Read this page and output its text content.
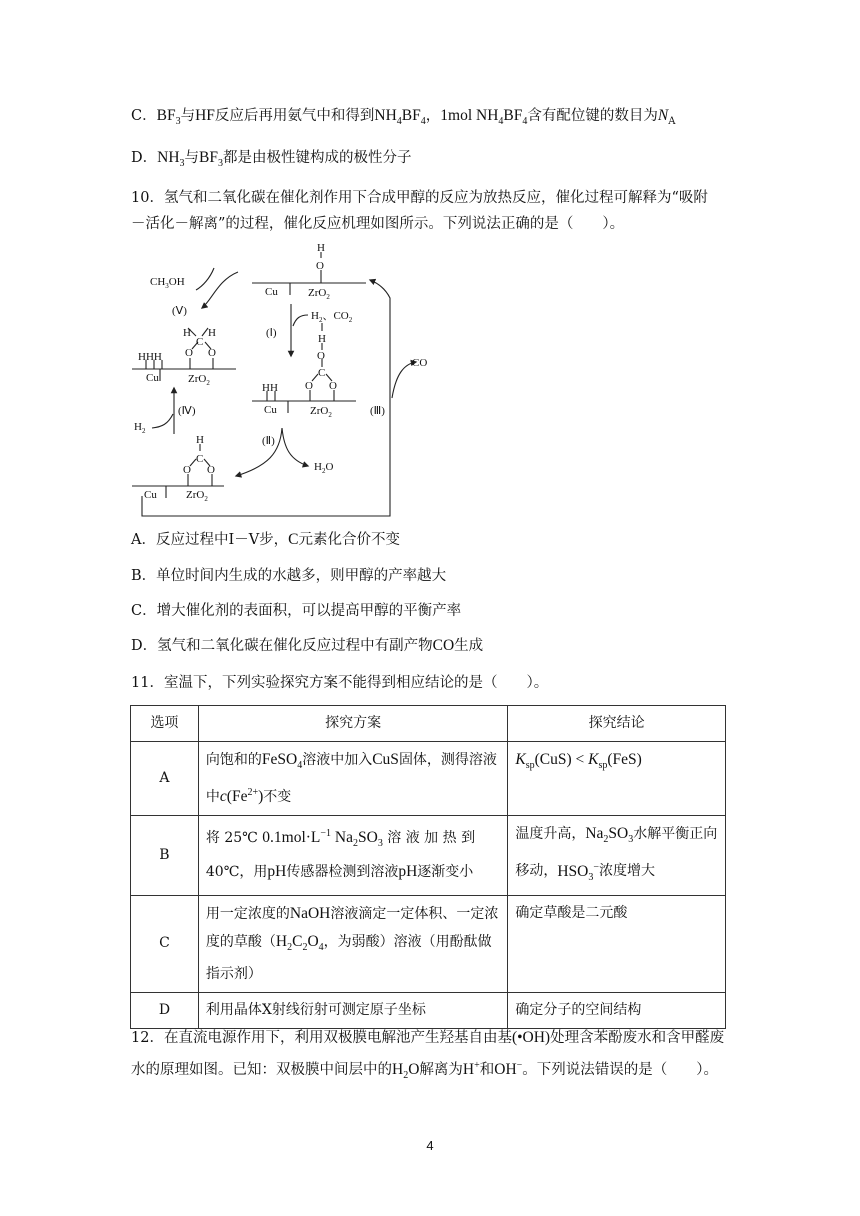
C．$BF_3$与HF反应后再用氨气中和得到$NH_4BF_4$，1mol $NH_4BF_4$含有配位键的数目为$N_A$
D．$NH_3$与$BF_3$都是由极性键构成的极性分子
10．氢气和二氧化碳在催化剂作用下合成甲醇的反应为放热反应，催化过程可解释为“吸附
－活化－解离”的过程，催化反应机理如图所示。下列说法正确的是（　　）。
H
O
Cu	ZrO$_2$
$CH_3OH$
(Ⅴ)
(Ⅰ)
$H_2$、$CO_2$
H H
C
O O
HHH
Cu	ZrO$_2$
H
O
C
O O
HH
Cu	ZrO$_2$
(Ⅱ)
$H_2O$
(Ⅲ)
CO
(Ⅳ)
$H_2$
H
C
O O
Cu	ZrO$_2$
A．反应过程中Ⅰ－Ⅴ步，C元素化合价不变
B．单位时间内生成的水越多，则甲醇的产率越大
C．增大催化剂的表面积，可以提高甲醇的平衡产率
D．氢气和二氧化碳在催化反应过程中有副产物CO生成
11．室温下，下列实验探究方案不能得到相应结论的是（　　）。
选项	探究方案	探究结论
A	向饱和的FeSO$_4$溶液中加入CuS固体，测得溶液中$c(Fe^{2+})$不变	$K_{sp}(CuS) < K_{sp}(FeS)$
B	将 25℃ $0.1mol\cdot L^{-1}$ $Na_2SO_3$ 溶 液 加 热 到 40℃，用pH传感器检测到溶液pH逐渐变小	温度升高，$Na_2SO_3$水解平衡正向移动，$HSO_3^-$浓度增大
C	用一定浓度的NaOH溶液滴定一定体积、一定浓度的草酸（$H_2C_2O_4$，为弱酸）溶液（用酚酞做指示剂）	确定草酸是二元酸
D	利用晶体X射线衍射可测定原子坐标	确定分子的空间结构
12．在直流电源作用下，利用双极膜电解池产生羟基自由基(•OH)处理含苯酚废水和含甲醛废水的原理如图。已知：双极膜中间层中的$H_2O$解离为H+和OH−。下列说法错误的是（　　）。
4
